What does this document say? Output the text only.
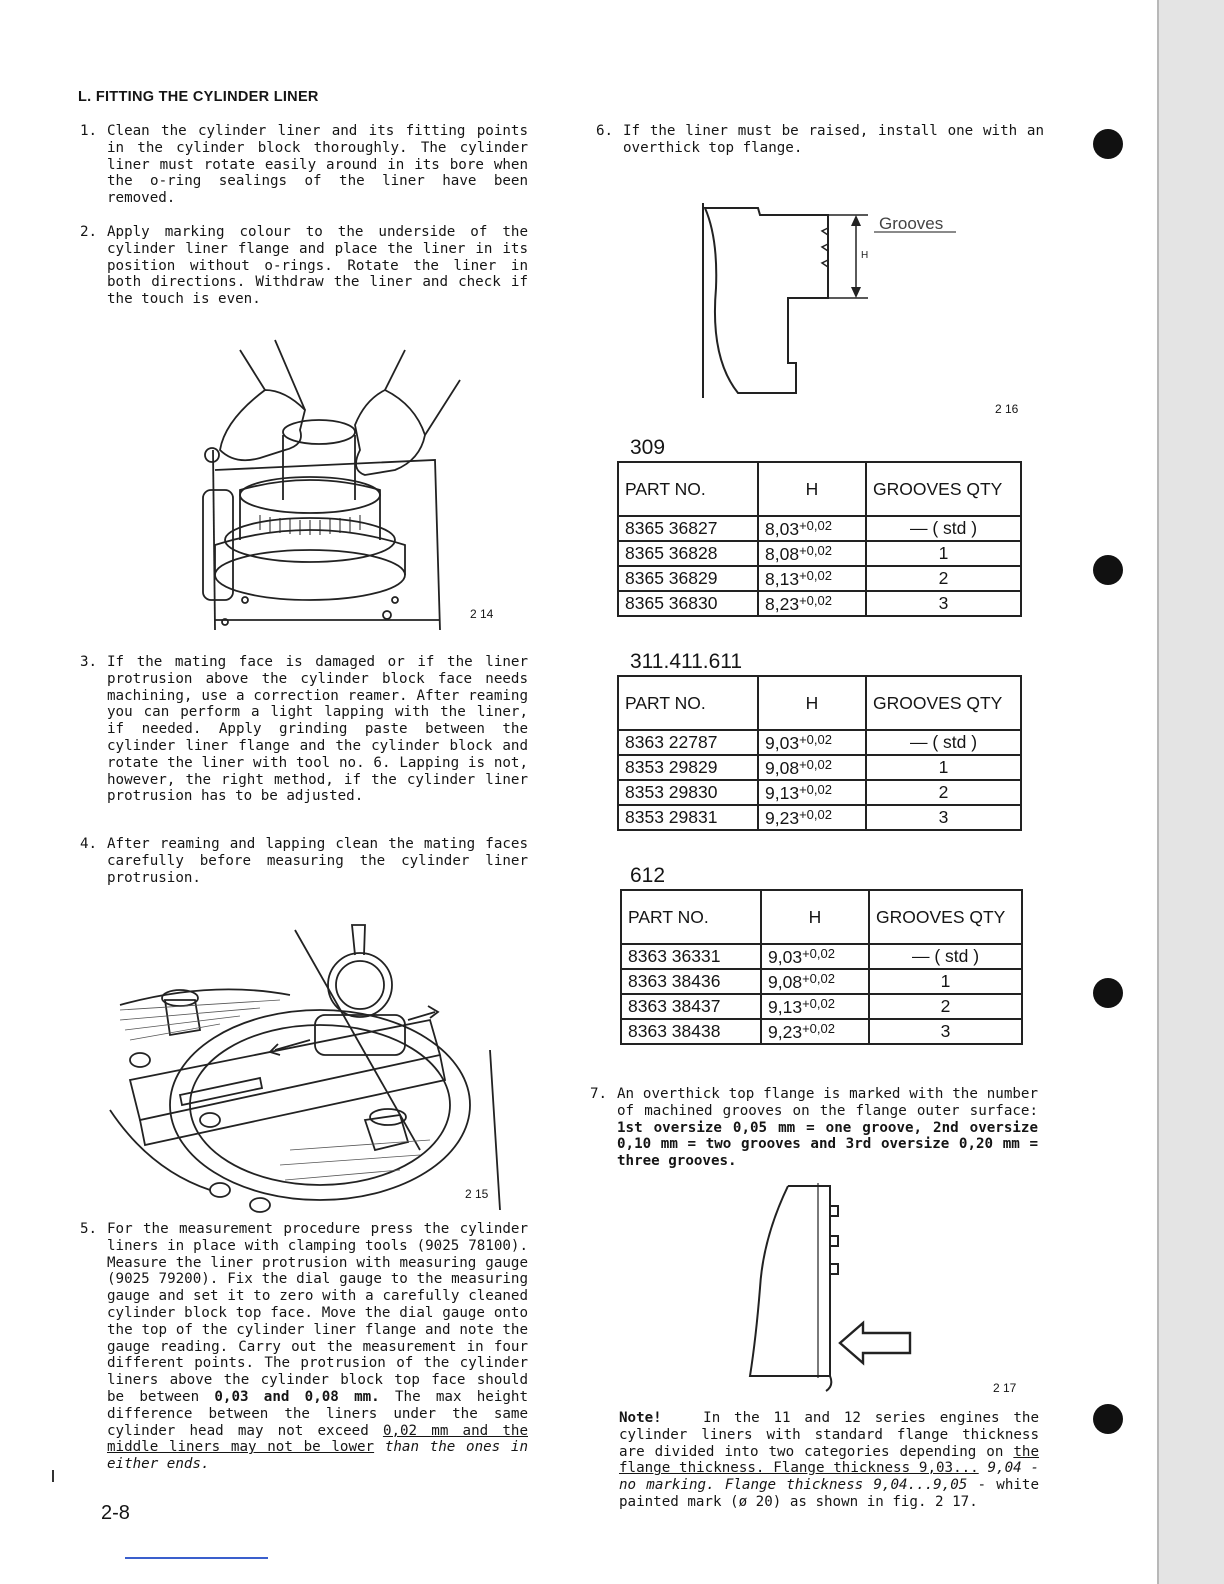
L. FITTING THE CYLINDER LINER
1. Clean the cylinder liner and its fitting points in the cylinder block thoroughly. The cylinder liner must rotate easily around in its bore when the o-ring sealings of the liner have been removed.
2. Apply marking colour to the underside of the cylinder liner flange and place the liner in its position without o-rings. Rotate the liner in both directions. Withdraw the liner and check if the touch is even.
2 14
3. If the mating face is damaged or if the liner protrusion above the cylinder block face needs machining, use a correction reamer. After reaming you can perform a light lapping with the liner, if needed. Apply grinding paste between the cylinder liner flange and the cylinder block and rotate the liner with tool no. 6. Lapping is not, however, the right method, if the cylinder liner protrusion has to be adjusted.
4. After reaming and lapping clean the mating faces carefully before measuring the cylinder liner protrusion.
2 15
5. For the measurement procedure press the cylinder liners in place with clamping tools (9025 78100). Measure the liner protrusion with measuring gauge (9025 79200). Fix the dial gauge to the measuring gauge and set it to zero with a carefully cleaned cylinder block top face. Move the dial gauge onto the top of the cylinder liner flange and note the gauge reading. Carry out the measurement in four different points. The protrusion of the cylinder liners above the cylinder block top face should be between 0,03 and 0,08 mm. The max height difference between the liners under the same cylinder head may not exceed 0,02 mm and the middle liners may not be lower than the ones in either ends.
2-8
6. If the liner must be raised, install one with an overthick top flange.
H
Grooves
2 16
309
PART NO.	H	GROOVES QTY
8365 36827	$8,03^{+0,02}$	— ( std )
8365 36828	$8,08^{+0,02}$	1
8365 36829	$8,13^{+0,02}$	2
8365 36830	$8,23^{+0,02}$	3
311.411.611
PART NO.	H	GROOVES QTY
8363 22787	$9,03^{+0,02}$	— ( std )
8353 29829	$9,08^{+0,02}$	1
8353 29830	$9,13^{+0,02}$	2
8353 29831	$9,23^{+0,02}$	3
612
PART NO.	H	GROOVES QTY
8363 36331	$9,03^{+0,02}$	— ( std )
8363 38436	$9,08^{+0,02}$	1
8363 38437	$9,13^{+0,02}$	2
8363 38438	$9,23^{+0,02}$	3
7. An overthick top flange is marked with the number of machined grooves on the flange outer surface: 1st oversize 0,05 mm = one groove, 2nd oversize 0,10 mm = two grooves and 3rd oversize 0,20 mm = three grooves.
2 17
Note!	In the 11 and 12 series engines the cylinder liners with standard flange thickness are divided into two categories depending on the flange thickness. Flange thickness 9,03... 9,04 - no marking. Flange thickness 9,04...9,05 - white painted mark (ø 20) as shown in fig. 2 17.
